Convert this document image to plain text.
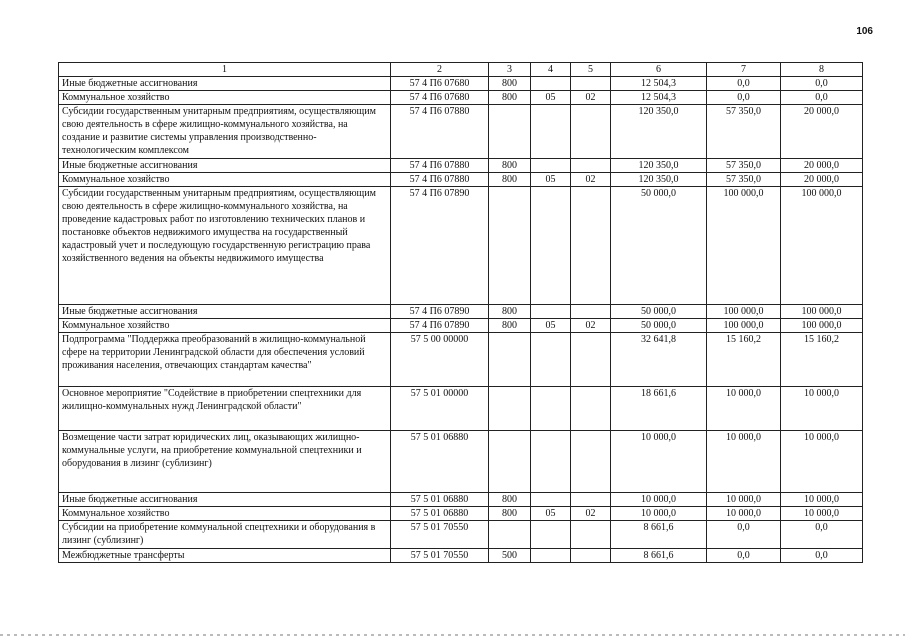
106
1	2	3	4	5	6	7	8
Иные бюджетные ассигнования	57 4 П6 07680	800			12 504,3	0,0	0,0
Коммунальное хозяйство	57 4 П6 07680	800	05	02	12 504,3	0,0	0,0
Субсидии государственным унитарным предприятиям, осуществляющим свою деятельность в сфере жилищно-коммунального хозяйства, на создание и развитие системы управления производственно-технологическим комплексом	57 4 П6 07880				120 350,0	57 350,0	20 000,0
Иные бюджетные ассигнования	57 4 П6 07880	800			120 350,0	57 350,0	20 000,0
Коммунальное хозяйство	57 4 П6 07880	800	05	02	120 350,0	57 350,0	20 000,0
Субсидии государственным унитарным предприятиям, осуществляющим свою деятельность в сфере жилищно-коммунального хозяйства, на проведение кадастровых работ по изготовлению технических планов и постановке объектов недвижимого имущества на государственный кадастровый учет и последующую государственную регистрацию права хозяйственного ведения на объекты недвижимого имущества	57 4 П6 07890				50 000,0	100 000,0	100 000,0
Иные бюджетные ассигнования	57 4 П6 07890	800			50 000,0	100 000,0	100 000,0
Коммунальное хозяйство	57 4 П6 07890	800	05	02	50 000,0	100 000,0	100 000,0
Подпрограмма "Поддержка преобразований в жилищно-коммунальной сфере на территории Ленинградской области для обеспечения условий проживания населения, отвечающих стандартам качества"	57 5 00 00000				32 641,8	15 160,2	15 160,2
Основное мероприятие "Содействие в приобретении спецтехники для жилищно-коммунальных нужд Ленинградской области"	57 5 01 00000				18 661,6	10 000,0	10 000,0
Возмещение части затрат юридических лиц, оказывающих жилищно-коммунальные услуги, на приобретение коммунальной спецтехники и оборудования в лизинг (сублизинг)	57 5 01 06880				10 000,0	10 000,0	10 000,0
Иные бюджетные ассигнования	57 5 01 06880	800			10 000,0	10 000,0	10 000,0
Коммунальное хозяйство	57 5 01 06880	800	05	02	10 000,0	10 000,0	10 000,0
Субсидии на приобретение коммунальной спецтехники и оборудования в лизинг (сублизинг)	57 5 01 70550				8 661,6	0,0	0,0
Межбюджетные трансферты	57 5 01 70550	500			8 661,6	0,0	0,0
